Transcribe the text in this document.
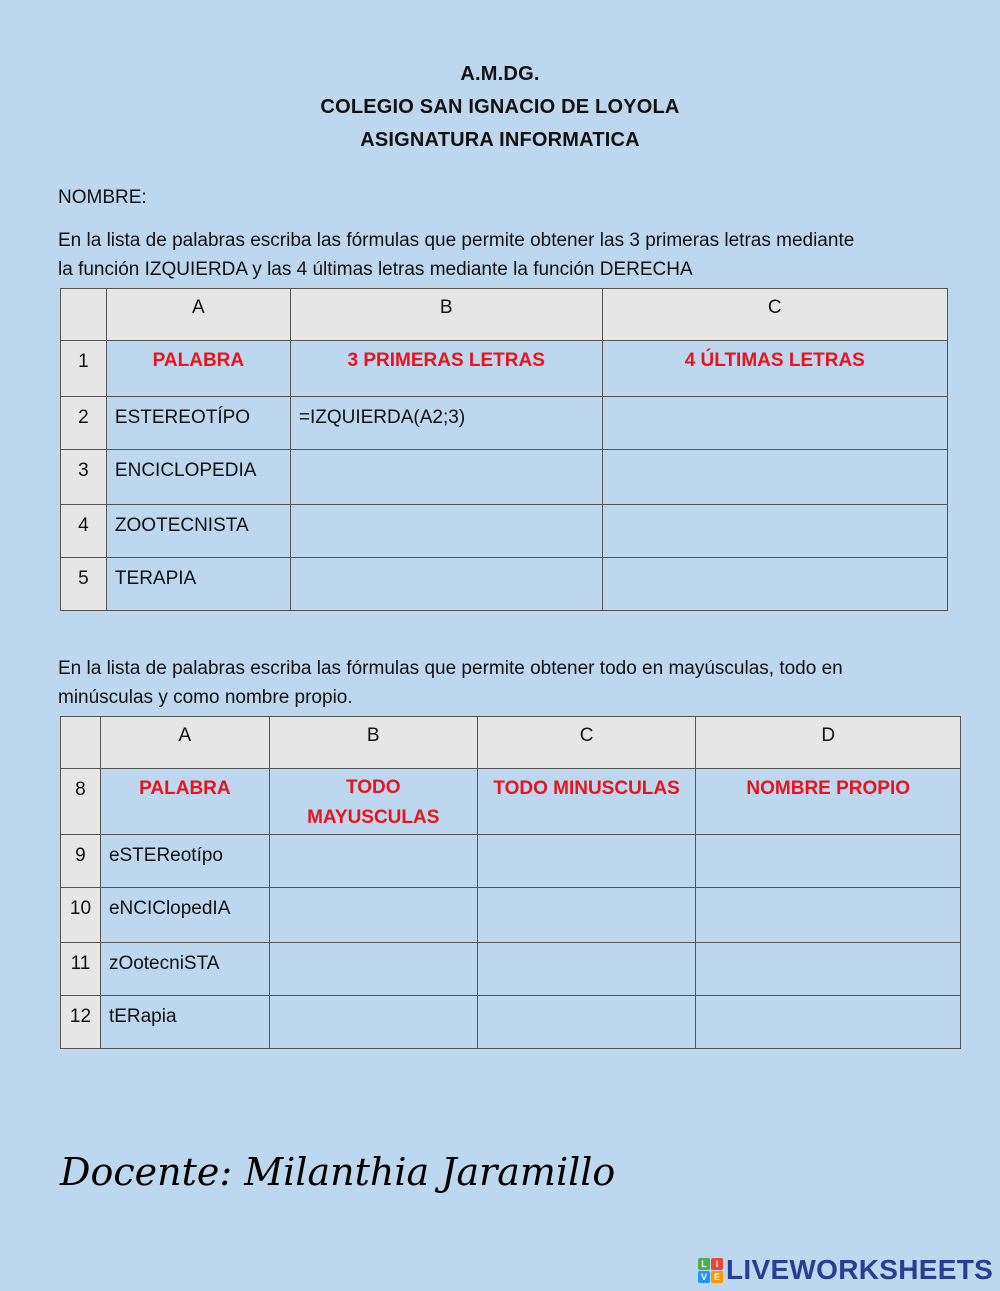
A.M.DG.
COLEGIO SAN IGNACIO DE LOYOLA
ASIGNATURA INFORMATICA
NOMBRE:
En la lista de palabras escriba las fórmulas que permite obtener las 3 primeras letras mediante
la función IZQUIERDA y las 4 últimas letras mediante la función DERECHA
	A	B	C
1	PALABRA	3 PRIMERAS LETRAS	4 ÚLTIMAS LETRAS
2	ESTEREOTÍPO	=IZQUIERDA(A2;3)	
3	ENCICLOPEDIA		
4	ZOOTECNISTA		
5	TERAPIA		
En la lista de palabras escriba las fórmulas que permite obtener todo en mayúsculas, todo en
minúsculas y como nombre propio.
	A	B	C	D
8	PALABRA	TODO MAYUSCULAS	TODO MINUSCULAS	NOMBRE PROPIO
9	eSTEReotípo			
10	eNCIClopedIA			
11	zOotecniSTA			
12	tERapia			
Docente: Milanthia Jaramillo
L I
V E LIVEWORKSHEETS
